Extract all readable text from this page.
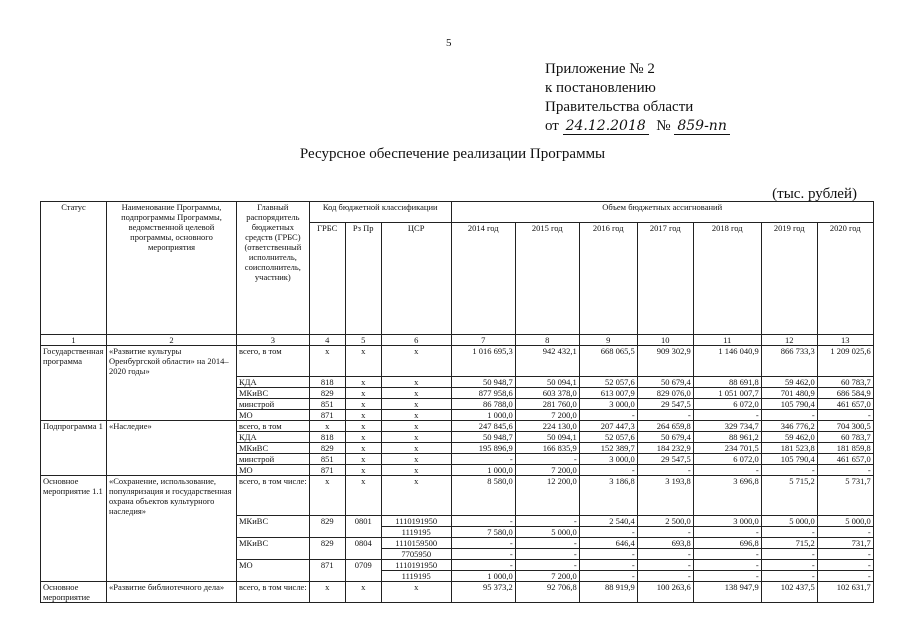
5
Приложение № 2
к постановлению
Правительства области
от 24.12.2018 № 859-пп
Ресурсное обеспечение реализации Программы
(тыс. рублей)
Статус	Наименование Программы, подпрограммы Программы, ведомственной целевой программы, основного мероприятия	Главный распорядитель бюджетных средств (ГРБС) (ответственный исполнитель, соисполнитель, участник)	Код бюджетной классификации			Объем бюджетных ассигнований						
			ГРБС	Рз Пр	ЦСР	2014 год	2015 год	2016 год	2017 год	2018 год	2019 год	2020 год
1	2	3	4	5	6	7	8	9	10	11	12	13
Государственная программа	«Развитие культуры Оренбургской области» на 2014–2020 годы»	всего, в том	x	x	x	1 016 695,3	942 432,1	668 065,5	909 302,9	1 146 040,9	866 733,3	1 209 025,6
		КДА	818	x	x	50 948,7	50 094,1	52 057,6	50 679,4	88 691,8	59 462,0	60 783,7
		МКиВС	829	x	x	877 958,6	603 378,0	613 007,9	829 076,0	1 051 007,7	701 480,9	686 584,9
		минстрой	851	x	x	86 788,0	281 760,0	3 000,0	29 547,5	6 072,0	105 790,4	461 657,0
		МО	871	x	x	1 000,0	7 200,0	-	-	-	-	-
Подпрограмма 1	«Наследие»	всего, в том	x	x	x	247 845,6	224 130,0	207 447,3	264 659,8	329 734,7	346 776,2	704 300,5
		КДА	818	x	x	50 948,7	50 094,1	52 057,6	50 679,4	88 961,2	59 462,0	60 783,7
		МКиВС	829	x	x	195 896,9	166 835,9	152 389,7	184 232,9	234 701,5	181 523,8	181 859,8
		минстрой	851	x	x	-	-	3 000,0	29 547,5	6 072,0	105 790,4	461 657,0
		МО	871	x	x	1 000,0	7 200,0	-	-	-	-	-
Основное мероприятие 1.1	«Сохранение, использование, популяризация и государственная охрана объектов культурного наследия»	всего, в том числе:	x	x	x	8 580,0	12 200,0	3 186,8	3 193,8	3 696,8	5 715,2	5 731,7
		МКиВС	829	0801	1110191950	-	-	2 540,4	2 500,0	3 000,0	5 000,0	5 000,0
					1119195	7 580,0	5 000,0	-	-	-	-	-
		МКиВС	829	0804	1110159500	-	-	646,4	693,8	696,8	715,2	731,7
					7705950	-	-	-	-	-	-	-
		МО	871	0709	1110191950	-	-	-	-	-	-	-
					1119195	1 000,0	7 200,0	-	-	-	-	-
Основное мероприятие	«Развитие библиотечного дела»	всего, в том числе:	x	x	x	95 373,2	92 706,8	88 919,9	100 263,6	138 947,9	102 437,5	102 631,7
